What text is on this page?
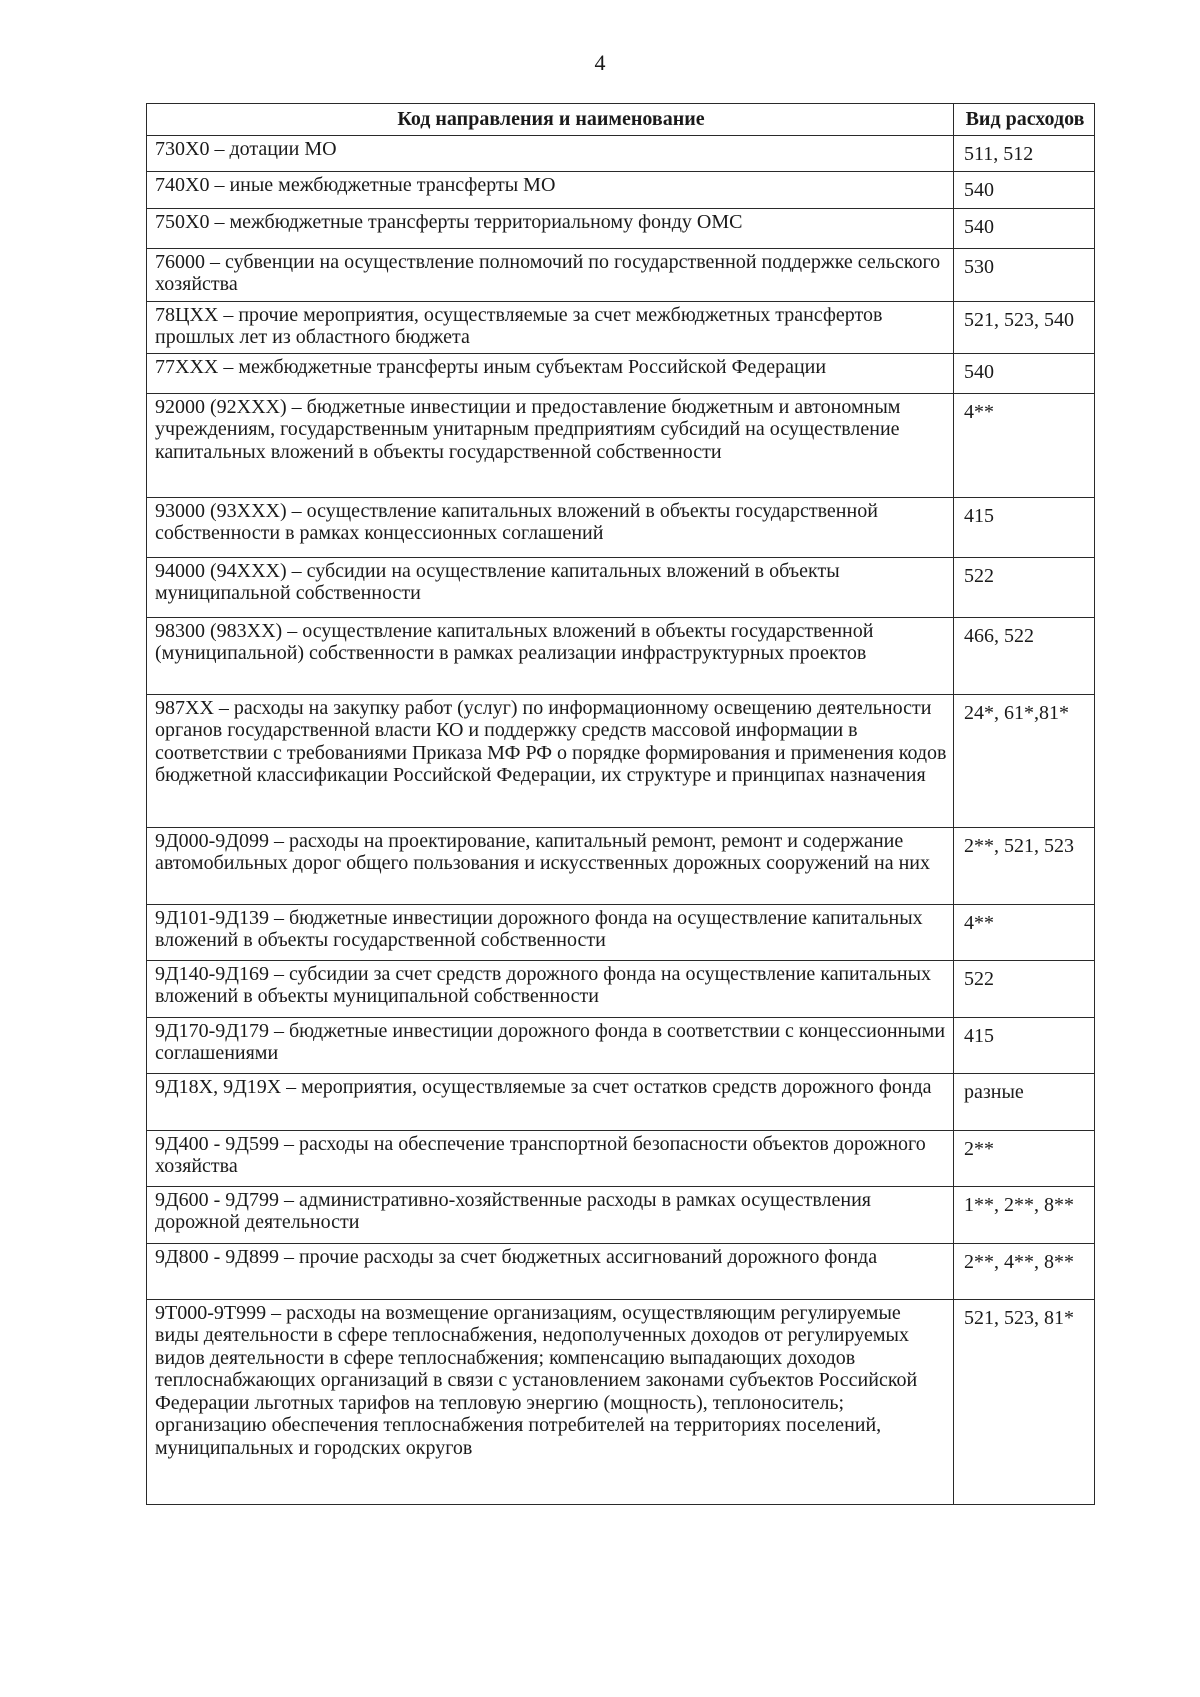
4
Код направления и наименование	Вид расходов
730Х0 – дотации МО	511, 512
740Х0 – иные межбюджетные трансферты МО	540
750Х0 – межбюджетные трансферты территориальному фонду ОМС	540
76000 – субвенции на осуществление полномочий по государственной поддержке сельского хозяйства	530
78ЦХХ – прочие мероприятия, осуществляемые за счет межбюджетных трансфертов прошлых лет из областного бюджета	521, 523, 540
77ХХХ – межбюджетные трансферты иным субъектам Российской Федерации	540
92000 (92ХХХ) – бюджетные инвестиции и предоставление бюджетным и автономным учреждениям, государственным унитарным предприятиям субсидий на осуществление капитальных вложений в объекты государственной собственности	4**
93000 (93ХХХ) – осуществление капитальных вложений в объекты государственной собственности в рамках концессионных соглашений	415
94000 (94ХХХ) – субсидии на осуществление капитальных вложений в объекты муниципальной собственности	522
98300 (983ХХ) – осуществление капитальных вложений в объекты государственной (муниципальной) собственности в рамках реализации инфраструктурных проектов	466, 522
987ХХ – расходы на закупку работ (услуг) по информационному освещению деятельности органов государственной власти КО и поддержку средств массовой информации в соответствии с требованиями Приказа МФ РФ о порядке формирования и применения кодов бюджетной классификации Российской Федерации, их структуре и принципах назначения	24*, 61*,81*
9Д000-9Д099 – расходы на проектирование, капитальный ремонт, ремонт и содержание автомобильных дорог общего пользования и искусственных дорожных сооружений на них	2**, 521, 523
9Д101-9Д139 – бюджетные инвестиции дорожного фонда на осуществление капитальных вложений в объекты государственной собственности	4**
9Д140-9Д169 – субсидии за счет средств дорожного фонда на осуществление капитальных вложений в объекты муниципальной собственности	522
9Д170-9Д179 – бюджетные инвестиции дорожного фонда в соответствии с концессионными соглашениями	415
9Д18Х, 9Д19Х – мероприятия, осуществляемые за счет остатков средств дорожного фонда	разные
9Д400 - 9Д599 – расходы на обеспечение транспортной безопасности объектов дорожного хозяйства	2**
9Д600 - 9Д799 – административно-хозяйственные расходы в рамках осуществления дорожной деятельности	1**, 2**, 8**
9Д800 - 9Д899 – прочие расходы за счет бюджетных ассигнований дорожного фонда	2**, 4**, 8**
9Т000-9Т999 – расходы на возмещение организациям, осуществляющим регулируемые виды деятельности в сфере теплоснабжения, недополученных доходов от регулируемых видов деятельности в сфере теплоснабжения; компенсацию выпадающих доходов теплоснабжающих организаций в связи с установлением законами субъектов Российской Федерации льготных тарифов на тепловую энергию (мощность), теплоноситель; организацию обеспечения теплоснабжения потребителей на территориях поселений, муниципальных и городских округов	521, 523, 81*
